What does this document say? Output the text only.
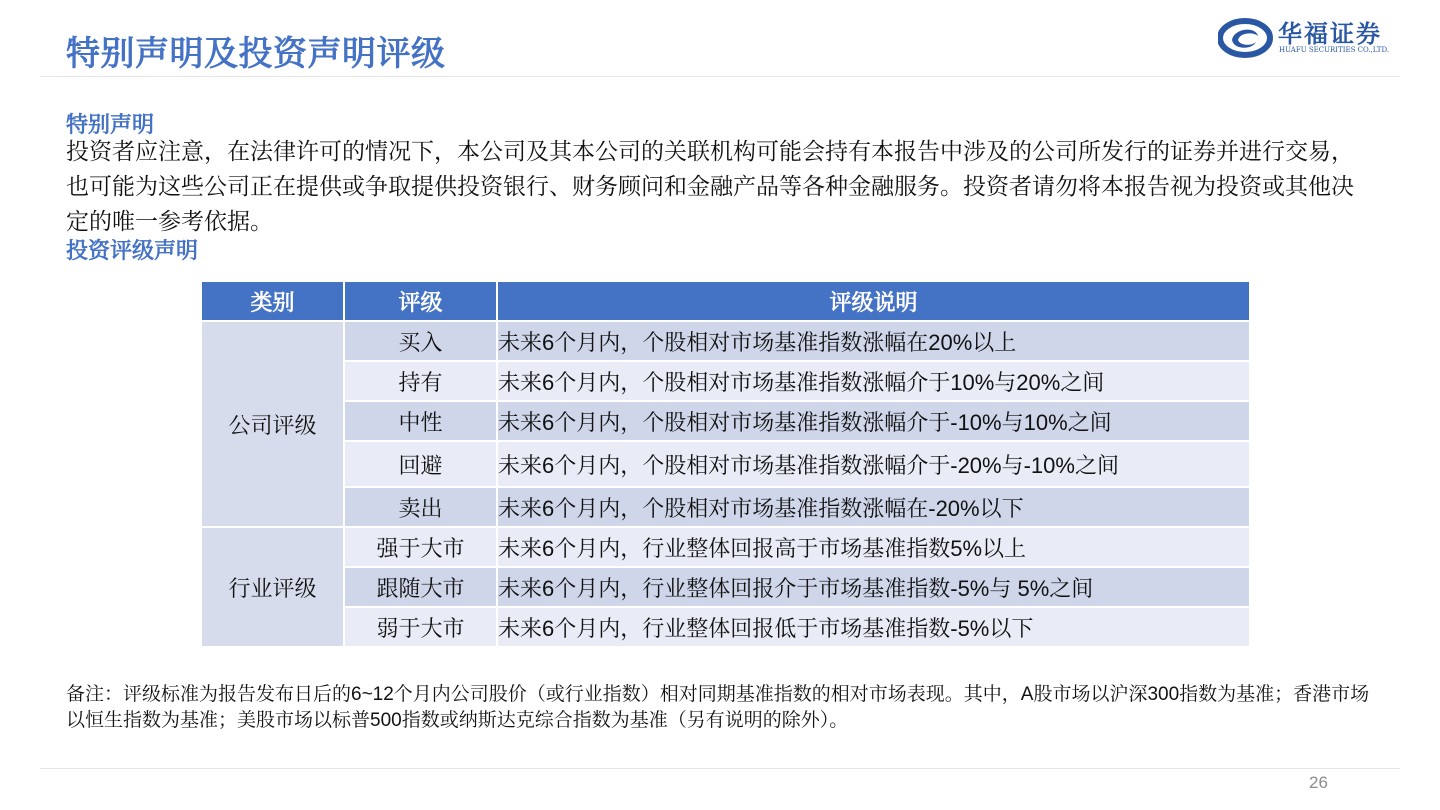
特别声明及投资声明评级
华福证券
HUAFU SECURITIES CO.,LTD.
特别声明
投资者应注意，在法律许可的情况下，本公司及其本公司的关联机构可能会持有本报告中涉及的公司所发行的证券并进行交易，也可能为这些公司正在提供或争取提供投资银行、财务顾问和金融产品等各种金融服务。投资者请勿将本报告视为投资或其他决定的唯一参考依据。
投资评级声明
类别	评级	评级说明
公司评级	买入	未来6个月内，个股相对市场基准指数涨幅在20%以上
	持有	未来6个月内，个股相对市场基准指数涨幅介于10%与20%之间
	中性	未来6个月内，个股相对市场基准指数涨幅介于-10%与10%之间
	回避	未来6个月内，个股相对市场基准指数涨幅介于-20%与-10%之间
	卖出	未来6个月内，个股相对市场基准指数涨幅在-20%以下
行业评级	强于大市	未来6个月内，行业整体回报高于市场基准指数5%以上
	跟随大市	未来6个月内，行业整体回报介于市场基准指数-5%与 5%之间
	弱于大市	未来6个月内，行业整体回报低于市场基准指数-5%以下
备注：评级标准为报告发布日后的6~12个月内公司股价（或行业指数）相对同期基准指数的相对市场表现。其中，A股市场以沪深300指数为基准；香港市场以恒生指数为基准；美股市场以标普500指数或纳斯达克综合指数为基准（另有说明的除外）。
26
